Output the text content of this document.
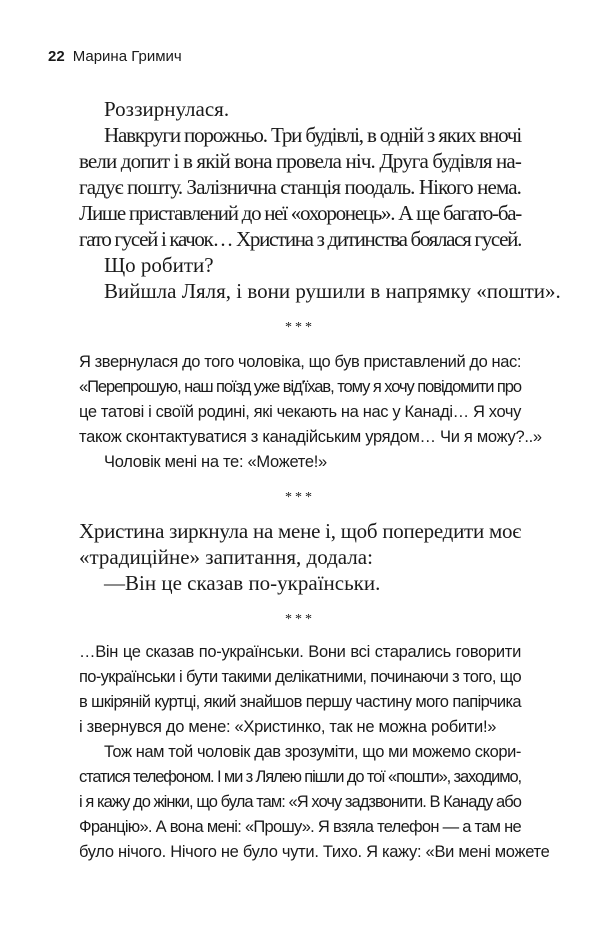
22 Марина Гримич

Роззирнулася.

Навкруги порожньо. Три будівлі, в одній з яких вночі

вели допит і в якій вона провела ніч. Друга будівля на-

гадує пошту. Залізнична станція поодаль. Нікого нема.

Лише приставлений до неї «охоронець». А ще багато-ба-

гато гусей і качок… Христина з дитинства боялася гусей.

Що робити?

Вийшла Ляля, і вони рушили в напрямку «пошти».

***

Я звернулася до того чоловіка, що був приставлений до нас:

«Перепрошую, наш поїзд уже від'їхав, тому я хочу повідомити про

це татові і своїй родині, які чекають на нас у Канаді… Я хочу

також сконтактуватися з канадійським урядом… Чи я можу?..»

Чоловік мені на те: «Можете!»

***

Христина зиркнула на мене і, щоб попередити моє

«традиційне» запитання, додала:

—Він це сказав по-українськи.

***

…Він це сказав по-українськи. Вони всі старались говорити

по-українськи і бути такими делікатними, починаючи з того, що

в шкіряній куртці, який знайшов першу частину мого папірчика

і звернувся до мене: «Христинко, так не можна робити!»

Тож нам той чоловік дав зрозуміти, що ми можемо скори-

статися телефоном. І ми з Лялею пішли до тої «пошти», заходимо,

і я кажу до жінки, що була там: «Я хочу задзвонити. В Канаду або

Францію». А вона мені: «Прошу». Я взяла телефон — а там не

було нічого. Нічого не було чути. Тихо. Я кажу: «Ви мені можете
